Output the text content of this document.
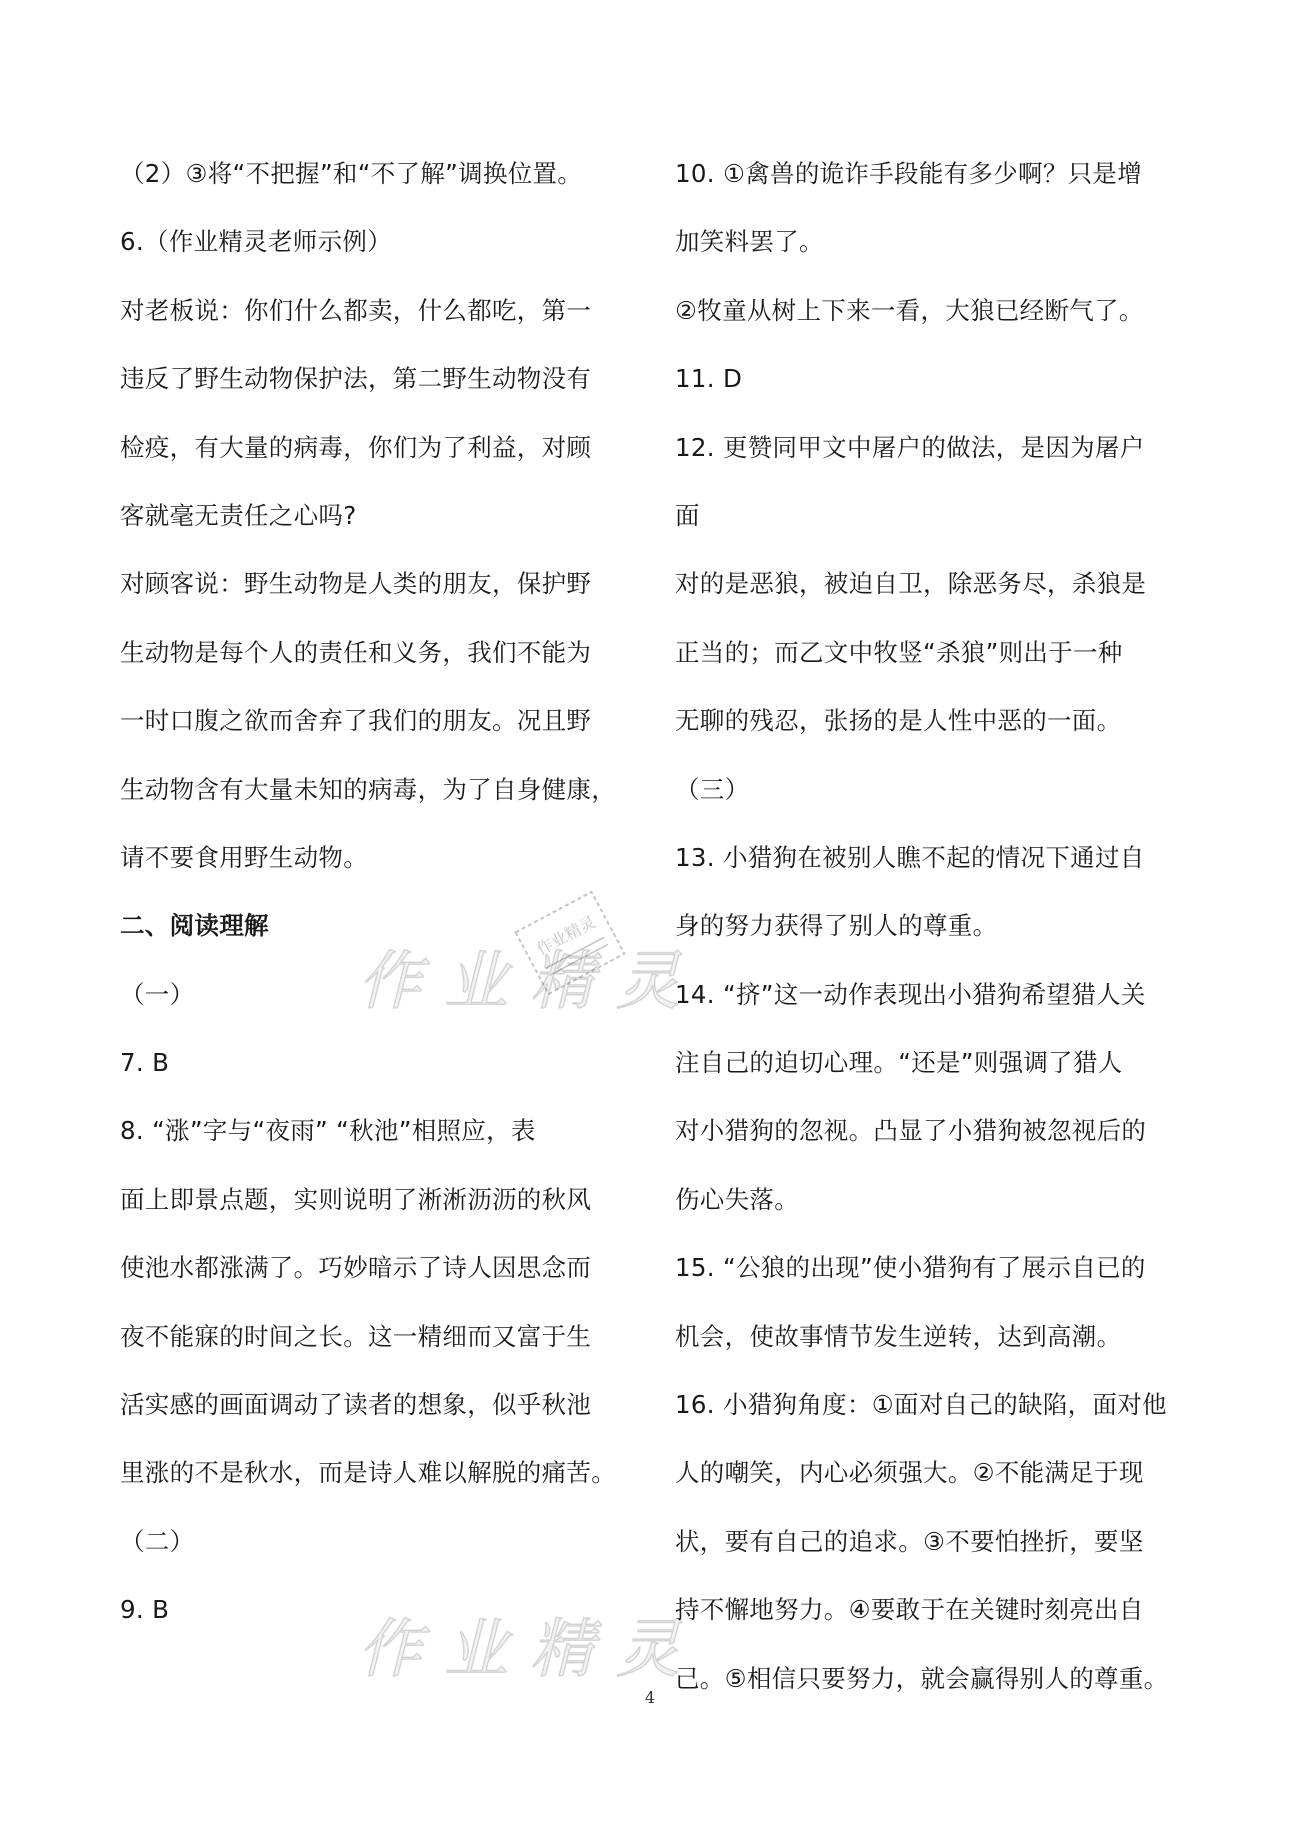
（2）③将“不把握”和“不了解”调换位置。
6.（作业精灵老师示例）
对老板说：你们什么都卖，什么都吃，第一
违反了野生动物保护法，第二野生动物没有
检疫，有大量的病毒，你们为了利益，对顾
客就毫无责任之心吗?
对顾客说：野生动物是人类的朋友，保护野
生动物是每个人的责任和义务，我们不能为
一时口腹之欲而舍弃了我们的朋友。况且野
生动物含有大量未知的病毒，为了自身健康，
请不要食用野生动物。
二、阅读理解
（一）
7. B
8. “涨”字与“夜雨” “秋池”相照应，表
面上即景点题，实则说明了淅淅沥沥的秋风
使池水都涨满了。巧妙暗示了诗人因思念而
夜不能寐的时间之长。这一精细而又富于生
活实感的画面调动了读者的想象，似乎秋池
里涨的不是秋水，而是诗人难以解脱的痛苦。
（二）
9. B
10. ①禽兽的诡诈手段能有多少啊？只是增
加笑料罢了。
②牧童从树上下来一看，大狼已经断气了。
11. D
12. 更赞同甲文中屠户的做法，是因为屠户
面
对的是恶狼，被迫自卫，除恶务尽，杀狼是
正当的；而乙文中牧竖“杀狼”则出于一种
无聊的残忍，张扬的是人性中恶的一面。
（三）
13. 小猎狗在被别人瞧不起的情况下通过自
身的努力获得了别人的尊重。
14. “挤”这一动作表现出小猎狗希望猎人关
注自己的迫切心理。“还是”则强调了猎人
对小猎狗的忽视。凸显了小猎狗被忽视后的
伤心失落。
15. “公狼的出现”使小猎狗有了展示自已的
机会，使故事情节发生逆转，达到高潮。
16. 小猎狗角度：①面对自己的缺陷，面对他
人的嘲笑，内心必须强大。②不能满足于现
状，要有自己的追求。③不要怕挫折，要坚
持不懈地努力。④要敢于在关键时刻亮出自
己。⑤相信只要努力，就会赢得别人的尊重。
作业精灵
作业精灵
作业精灵
4
